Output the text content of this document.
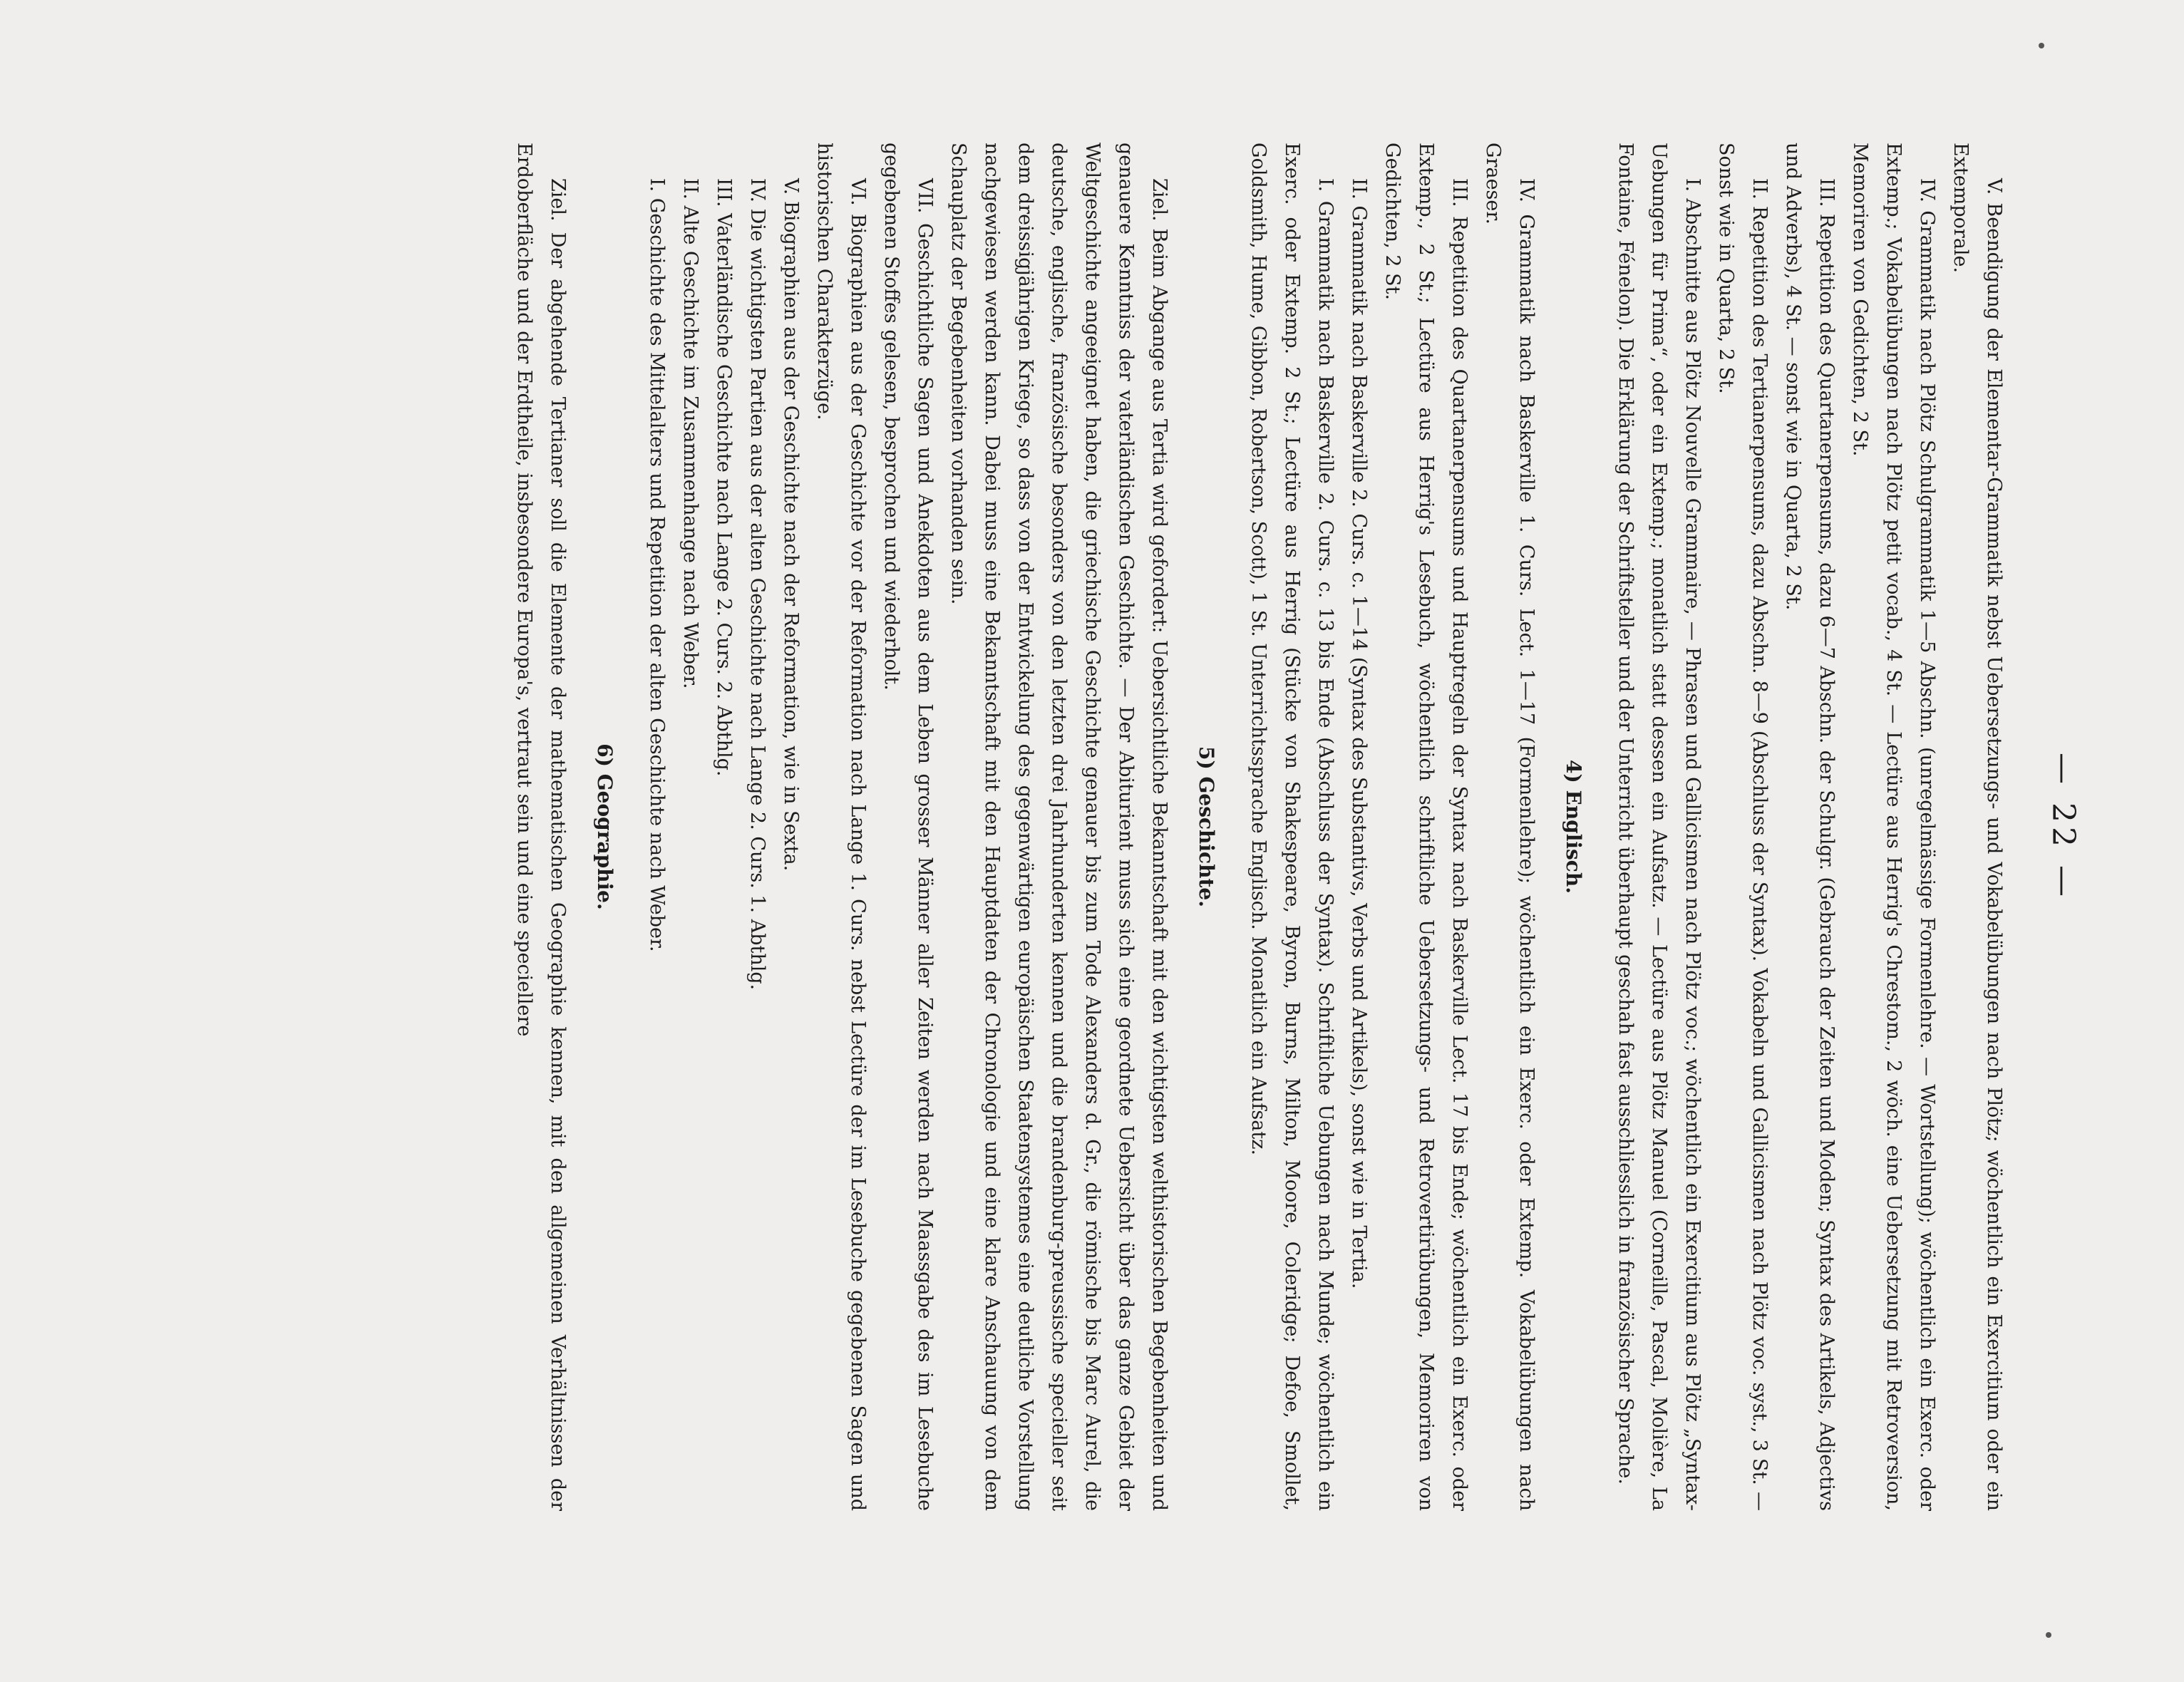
— 22 —

V. Beendigung der Elementar-Grammatik nebst Uebersetzungs- und Vokabelübungen nach Plötz; wöchentlich ein Exercitium oder ein Extemporale.

IV. Grammatik nach Plötz Schulgrammatik 1—5 Abschn. (unregelmässige Formenlehre. — Wortstellung); wöchentlich ein Exerc. oder Extemp.; Vokabelübungen nach Plötz petit vocab., 4 St. — Lectüre aus Herrig's Chrestom., 2 wöch. eine Uebersetzung mit Retroversion, Memoriren von Gedichten, 2 St.

III. Repetition des Quartanerpensums, dazu 6—7 Abschn. der Schulgr. (Gebrauch der Zeiten und Moden; Syntax des Artikels, Adjectivs und Adverbs), 4 St. — sonst wie in Quarta, 2 St.

II. Repetition des Tertianerpensums, dazu Abschn. 8—9 (Abschluss der Syntax). Vokabeln und Gallicismen nach Plötz voc. syst., 3 St. — Sonst wie in Quarta, 2 St.

I. Abschnitte aus Plötz Nouvelle Grammaire, — Phrasen und Gallicismen nach Plötz voc.; wöchentlich ein Exercitium aus Plötz „Syntax-Uebungen für Prima“, oder ein Extemp.; monatlich statt dessen ein Aufsatz. — Lectüre aus Plötz Manuel (Corneille, Pascal, Molière, La Fontaine, Fénelon). Die Erklärung der Schriftsteller und der Unterricht überhaupt geschah fast ausschliesslich in französischer Sprache.

4) Englisch.

IV. Grammatik nach Baskerville 1. Curs. Lect. 1—17 (Formenlehre); wöchentlich ein Exerc. oder Extemp. Vokabelübungen nach Graeser.

III. Repetition des Quartanerpensums und Hauptregeln der Syntax nach Baskerville Lect. 17 bis Ende; wöchentlich ein Exerc. oder Extemp., 2 St.; Lectüre aus Herrig's Lesebuch, wöchentlich schriftliche Uebersetzungs- und Retrovertirübungen, Memoriren von Gedichten, 2 St.

II. Grammatik nach Baskerville 2. Curs. c. 1—14 (Syntax des Substantivs, Verbs und Artikels), sonst wie in Tertia.

I. Grammatik nach Baskerville 2. Curs. c. 13 bis Ende (Abschluss der Syntax). Schriftliche Uebungen nach Munde; wöchentlich ein Exerc. oder Extemp. 2 St.; Lectüre aus Herrig (Stücke von Shakespeare, Byron, Burns, Milton, Moore, Coleridge; Defoe, Smollet, Goldsmith, Hume, Gibbon, Robertson, Scott), 1 St. Unterrichtssprache Englisch. Monatlich ein Aufsatz.

5) Geschichte.

Ziel. Beim Abgange aus Tertia wird gefordert: Uebersichtliche Bekanntschaft mit den wichtigsten welthistorischen Begebenheiten und genauere Kenntniss der vaterländischen Geschichte. — Der Abiturient muss sich eine geordnete Uebersicht über das ganze Gebiet der Weltgeschichte angeeignet haben, die griechische Geschichte genauer bis zum Tode Alexanders d. Gr., die römische bis Marc Aurel, die deutsche, englische, französische besonders von den letzten drei Jahrhunderten kennen und die brandenburg-preussische specieller seit dem dreissigjährigen Kriege, so dass von der Entwickelung des gegenwärtigen europäischen Staatensystemes eine deutliche Vorstellung nachgewiesen werden kann. Dabei muss eine Bekanntschaft mit den Hauptdaten der Chronologie und eine klare Anschauung von dem Schauplatz der Begebenheiten vorhanden sein.

VII. Geschichtliche Sagen und Anekdoten aus dem Leben grosser Männer aller Zeiten werden nach Maassgabe des im Lesebuche gegebenen Stoffes gelesen, besprochen und wiederholt.

VI. Biographien aus der Geschichte vor der Reformation nach Lange 1. Curs. nebst Lectüre der im Lesebuche gegebenen Sagen und historischen Charakterzüge.

V. Biographien aus der Geschichte nach der Reformation, wie in Sexta.

IV. Die wichtigsten Partien aus der alten Geschichte nach Lange 2. Curs. 1. Abthlg.

III. Vaterländische Geschichte nach Lange 2. Curs. 2. Abthlg.

II. Alte Geschichte im Zusammenhange nach Weber.

I. Geschichte des Mittelalters und Repetition der alten Geschichte nach Weber.

6) Geographie.

Ziel. Der abgehende Tertianer soll die Elemente der mathematischen Geographie kennen, mit den allgemeinen Verhältnissen der Erdoberfläche und der Erdtheile, insbesondere Europa's, vertraut sein und eine speciellere
